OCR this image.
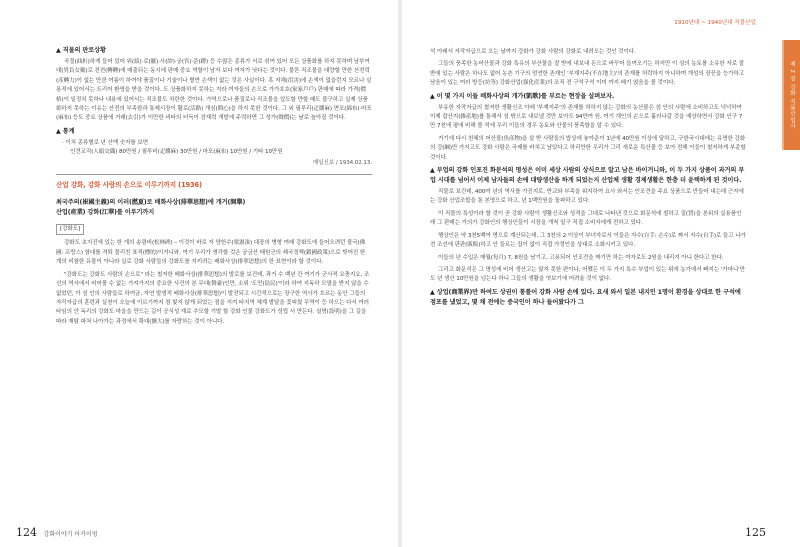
▲ 직물의 판로상황

곡절(曲折)하게 들어 있어 위(綾)·로(羅)·사(紗)·궁(宮)·준(蹲) 등 수많은 종류가 서로 섞여 있어 모든 상품화를 하지 못하며 남부여대(男負女戴)로 전전(轉轉)에 매출되는 동시에 판매 중요 역할이 남자 보다 여자가 낫다는 것이다. 물론 직조물을 대량할 만한 산전력(產轉力)이 없는 만큼 여름이 하여야 품질이나 기술이나 별반 손색이 없는 것은 사실이다. 혹 저해(沮害)에 손색이 없을런지 모르나 실용적에 있어서는 트리어 환영을 받을 것이다. 도 상품화하지 못하는 지라 여자들의 손으로 가가호호(家家戶戶) 판매에 따라 가격(價格)이 일정치 못하나 내용에 있어서는 직조물도 차란한 것이다. 가역으로나 품질로나 직조물을 압도할 만할 때도 불구하고 실제 상품화하지 못하는 이유는 산전의 부족함과 통제시장이 활로(活路) 개심(開心)을 하지 못한 것이다. 그 외 필루리(疋縷麻) 면포(綿布)·마포(麻布) 등도 중요 상품에 거래(去引)가 이만한 비타의 터득이 잠재력 개발에 주력하면 그 성가(聲價)는 날로 높아질 것이다.

▲ 통계

· 이처 종류별로 년 산액 숫자를 보면

인견교직(人絹交織) 80만원 / 필루비(疋縷麻) 30만원 / 마포(麻布) 10만원 / 기타 10만원

매일신보 / 1934.02.13.

산업 강화, 강화 사람의 손으로 이루기까지 (1936)

최국주의(崔國主義)의 이러(撚夏)로 배화사상(排華思想)에 개거(開擧)

산업(産業) 강화(江華)를 이루기까지

[강화도]

강화도 초지진에 있는 한 개의 송림비(松林碑) – 이것이 바로 저 양헌수(梁憲洙) 대장의 병형 여래 강화도에 들어오려던 불국(佛國: 프랑스) 함대를 격퇴 물리친 표적(標的)이거니와, 여기 우리가 생각할 것은 궁금산 태원군의 쇄국정책(鎖國政策)으로 빚어진 한 개의 비참한 유물이 아니라 실로 강화 사람들의 강화도를 지키려는 배화사상(排華思想)의 한 표현이라 할 것이다.

"강화도는 강화도 사람의 손으로" 라는 철저한 배화사상(排華思想)의 발로를 보건데, 과거 수 백년 간 여기가 군사적 요충지요, 조선의 역사에서 비어볼 수 없는 가지가지의 중요한 사건의 본 무대(舞臺)인만, 소위 '도민(島民)'이라 하여 지독하 모멸을 받지 않을 수 없었던, 이 섬 인의 사람들로 하여금, 자연 발생적 배화사상(排華思想)이 발전되고 시간적으로는 장구한 역사가 흐르는 동안 그들의 자작자급의 훈련과 실천이 오늘에 이르기까지 점 빛지 않게 되었는 점을 지켜 타지역 체계 발달을 꽃피웠 무역이 등 하으는 다서 여러 타임의 안 독리의 강화도 마을을 만드는 길이 공식성 재료 추모할 기발 할 강화 인물 강화도가 성립 서 만든다. 설명(設明)을 그 길을 따라 재탐 파쳐 나아가는 과정에서 확대(擴大)를 자랑하는 것이 아니다.

124 강화이야기 아카이빙
1910년대 ~ 1940년대 직물산업

석 아래서 자작자급으로 오는 날까지 강화가 강화 사람의 강화로 내려오는 것인 것이다.

그들의 풍족한 농어산물과 강화 특유의 부산물을 잘 받에 내보내 돈으로 바꾸어 들여오기는 하지만 이 섬의 농토를 소유한 자로 잘 받에 있는 사람은 하나도 없어 농촌 기구의 엄연한 존재인 '부재지주(不在地主)'의 존재를 허락하지 아니하며 개성의 장꾼을 능가하고 남음이 있는 여러 방등(坊等) 강화산업(强化産業)의 조직 전 구석구석 이미 까지 배기 얹음을 볼 것이다.

▲ 이 몇 가지 이들 배화사상의 개가(凱歌)를 부르는 현장을 살펴보자.

부유한 자작자급의 철저한 생활신조 아래 '부재지주'의 존재를 허하지 않는 강화의 농산물은 섬 안의 사람에 소비하고도 넉넉하여 이제 잡산지(雜產地)를 통해서 섬 밖으로 내보낼 것만 보아도 94만여 원. 여기 개인의 손으로 흘러나갈 것을 예상하면서 강화 인구 7만 7천에 평에 비해 볼 적에 우리 이들의 경우 농토와 산물의 풍족함을 알 수 있다.

거기에 다시 천혜의 어산물(魚產物)을 살 받 사람들의 밥상에 놓아준이 1년에 40만원 이상에 달하고, 구한국시대에는 유명한 강화의 강(綱)만 가지고도 강화 사람은 국제를 바치고 남았다고 하리만한 우리가 그리 새로운 특산물 등 보아 전해 이들이 철저하게 부종할 것이다.

▲ 부업의 강화 인포진 화문석의 명성은 이미 세상 사람의 상식으로 알고 남은 바이거니와, 이 두 가지 상품이 과거의 부업 시대를 넘어서 이제 남자들의 손에 대량생산을 하게 되었는지 산업체 생활 경제생활은 한층 더 윤택하게 된 것이다.

직물로 보건데, 400여 년의 역사를 가진지로, 반교와 부족을 위지하여 요사 와서는 인조견을 주요 상품으로 만들어 내는데 근자에는 강화 산업조합을 통 본영으로 하고, 년 1백만원을 돌파하고 있다.

이 직물의 특성이라 할 것이 곧 강화 사람이 생활신조와 성격을 그대로 나타낸 것으로 화문석에 철하고 질(質)을 본위의 실용품인데 그 판매는 거의가 강화인의 행상인들이 시장을 개척 일구 직접 소비자에게 전하고 있다.

행상인은 약 3천5백여 명으로 계산되는데, 그 3천의 2 이상이 부녀자로서 이들은 자수(自手: 손수)로 짜서 자수(自手)로 들고 나가 전 조선에 판판(販販)하고 안 들르는 집이 없이 직접 가정인을 상대로 소화시키고 있다.

이들의 년 수입은 매월(每月) 7, 8원을 남기고, 고용되어 인조견을 짜기만 하는 여자로도 2원을 내리지 아니 한다고 한다.

그리고 화문석은 그 명성에 비어 생산고는 많지 못한 편이나, 어쨌든 이 두 가지 특수 부업이 있는 위에 농가에서 빠지는 '가마니'만도 년 생산 10만원을 넘는다 하니 그들의 생활을 엿보기에 어려울 것이 없다.

▲ 상업(商業界)만 하여도 상권이 통틀어 강화 사람 손에 있다. 요새 와서 일본 내지인 1명이 환경을 상대로 한 구석에 점포를 냈었고, 몇 채 전에는 중국인이 하나 들어왔다가 그
제 2 장 강화 직물산업사
125
